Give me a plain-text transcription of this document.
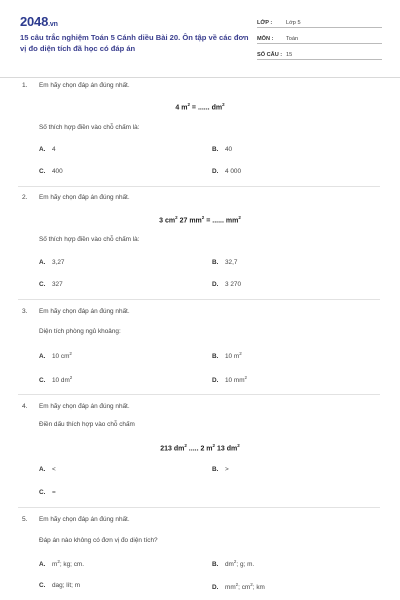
2048.vn
15 câu trắc nghiệm Toán 5 Cánh diều Bài 20. Ôn tập về các đơn vị đo diện tích đã học có đáp án
LỚP :	Lớp 5
MÔN :	Toán
SỐ CÂU : 15
1. Em hãy chọn đáp án đúng nhất.
4 $m^2$ = ...... $dm^2$
Số thích hợp điền vào chỗ chấm là:
A. 4	B. 40
C. 400	D. 4 000
2. Em hãy chọn đáp án đúng nhất.
3 $cm^2$ 27 $mm^2$ = ...... $mm^2$
Số thích hợp điền vào chỗ chấm là:
A. 3,27	B. 32,7
C. 327	D. 3 270
3. Em hãy chọn đáp án đúng nhất.
Diện tích phòng ngủ khoảng:
A. 10 $cm^2$	B. 10 $m^2$
C. 10 $dm^2$	D. 10 $mm^2$
4. Em hãy chọn đáp án đúng nhất.
Điền dấu thích hợp vào chỗ chấm
213 $dm^2$ ..... 2 $m^2$ 13 $dm^2$
A. <	B. >
C. =
5. Em hãy chọn đáp án đúng nhất.
Đáp án nào không có đơn vị đo diện tích?
A. $m^2$; kg; cm.	B. $dm^2$; g; m.
C. dag; lít; m	D. $mm^2$; $cm^2$; km
